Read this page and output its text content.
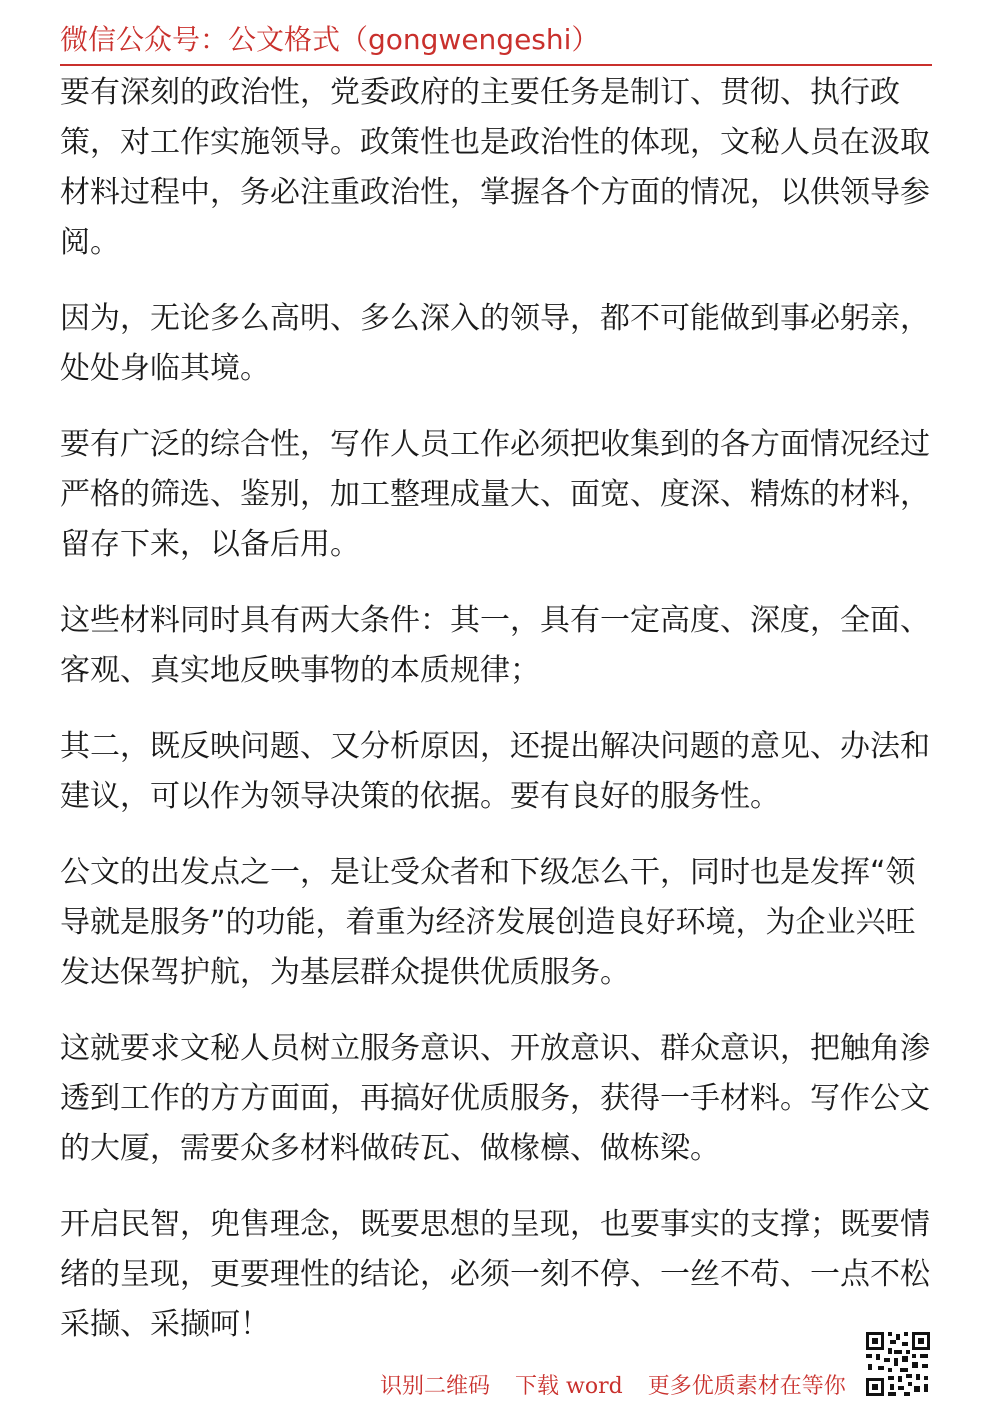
微信公众号：公文格式（gongwengeshi）

要有深刻的政治性，党委政府的主要任务是制订、贯彻、执行政策，对工作实施领导。政策性也是政治性的体现，文秘人员在汲取材料过程中，务必注重政治性，掌握各个方面的情况，以供领导参阅。

因为，无论多么高明、多么深入的领导，都不可能做到事必躬亲，处处身临其境。

要有广泛的综合性，写作人员工作必须把收集到的各方面情况经过严格的筛选、鉴别，加工整理成量大、面宽、度深、精炼的材料，留存下来，以备后用。

这些材料同时具有两大条件：其一，具有一定高度、深度，全面、客观、真实地反映事物的本质规律；

其二，既反映问题、又分析原因，还提出解决问题的意见、办法和建议，可以作为领导决策的依据。要有良好的服务性。

公文的出发点之一，是让受众者和下级怎么干，同时也是发挥“领导就是服务”的功能，着重为经济发展创造良好环境，为企业兴旺发达保驾护航，为基层群众提供优质服务。

这就要求文秘人员树立服务意识、开放意识、群众意识，把触角渗透到工作的方方面面，再搞好优质服务，获得一手材料。写作公文的大厦，需要众多材料做砖瓦、做椽檩、做栋梁。

开启民智，兜售理念，既要思想的呈现，也要事实的支撑；既要情绪的呈现，更要理性的结论，必须一刻不停、一丝不苟、一点不松采撷、采撷呵！

识别二维码 下载 word 更多优质素材在等你
